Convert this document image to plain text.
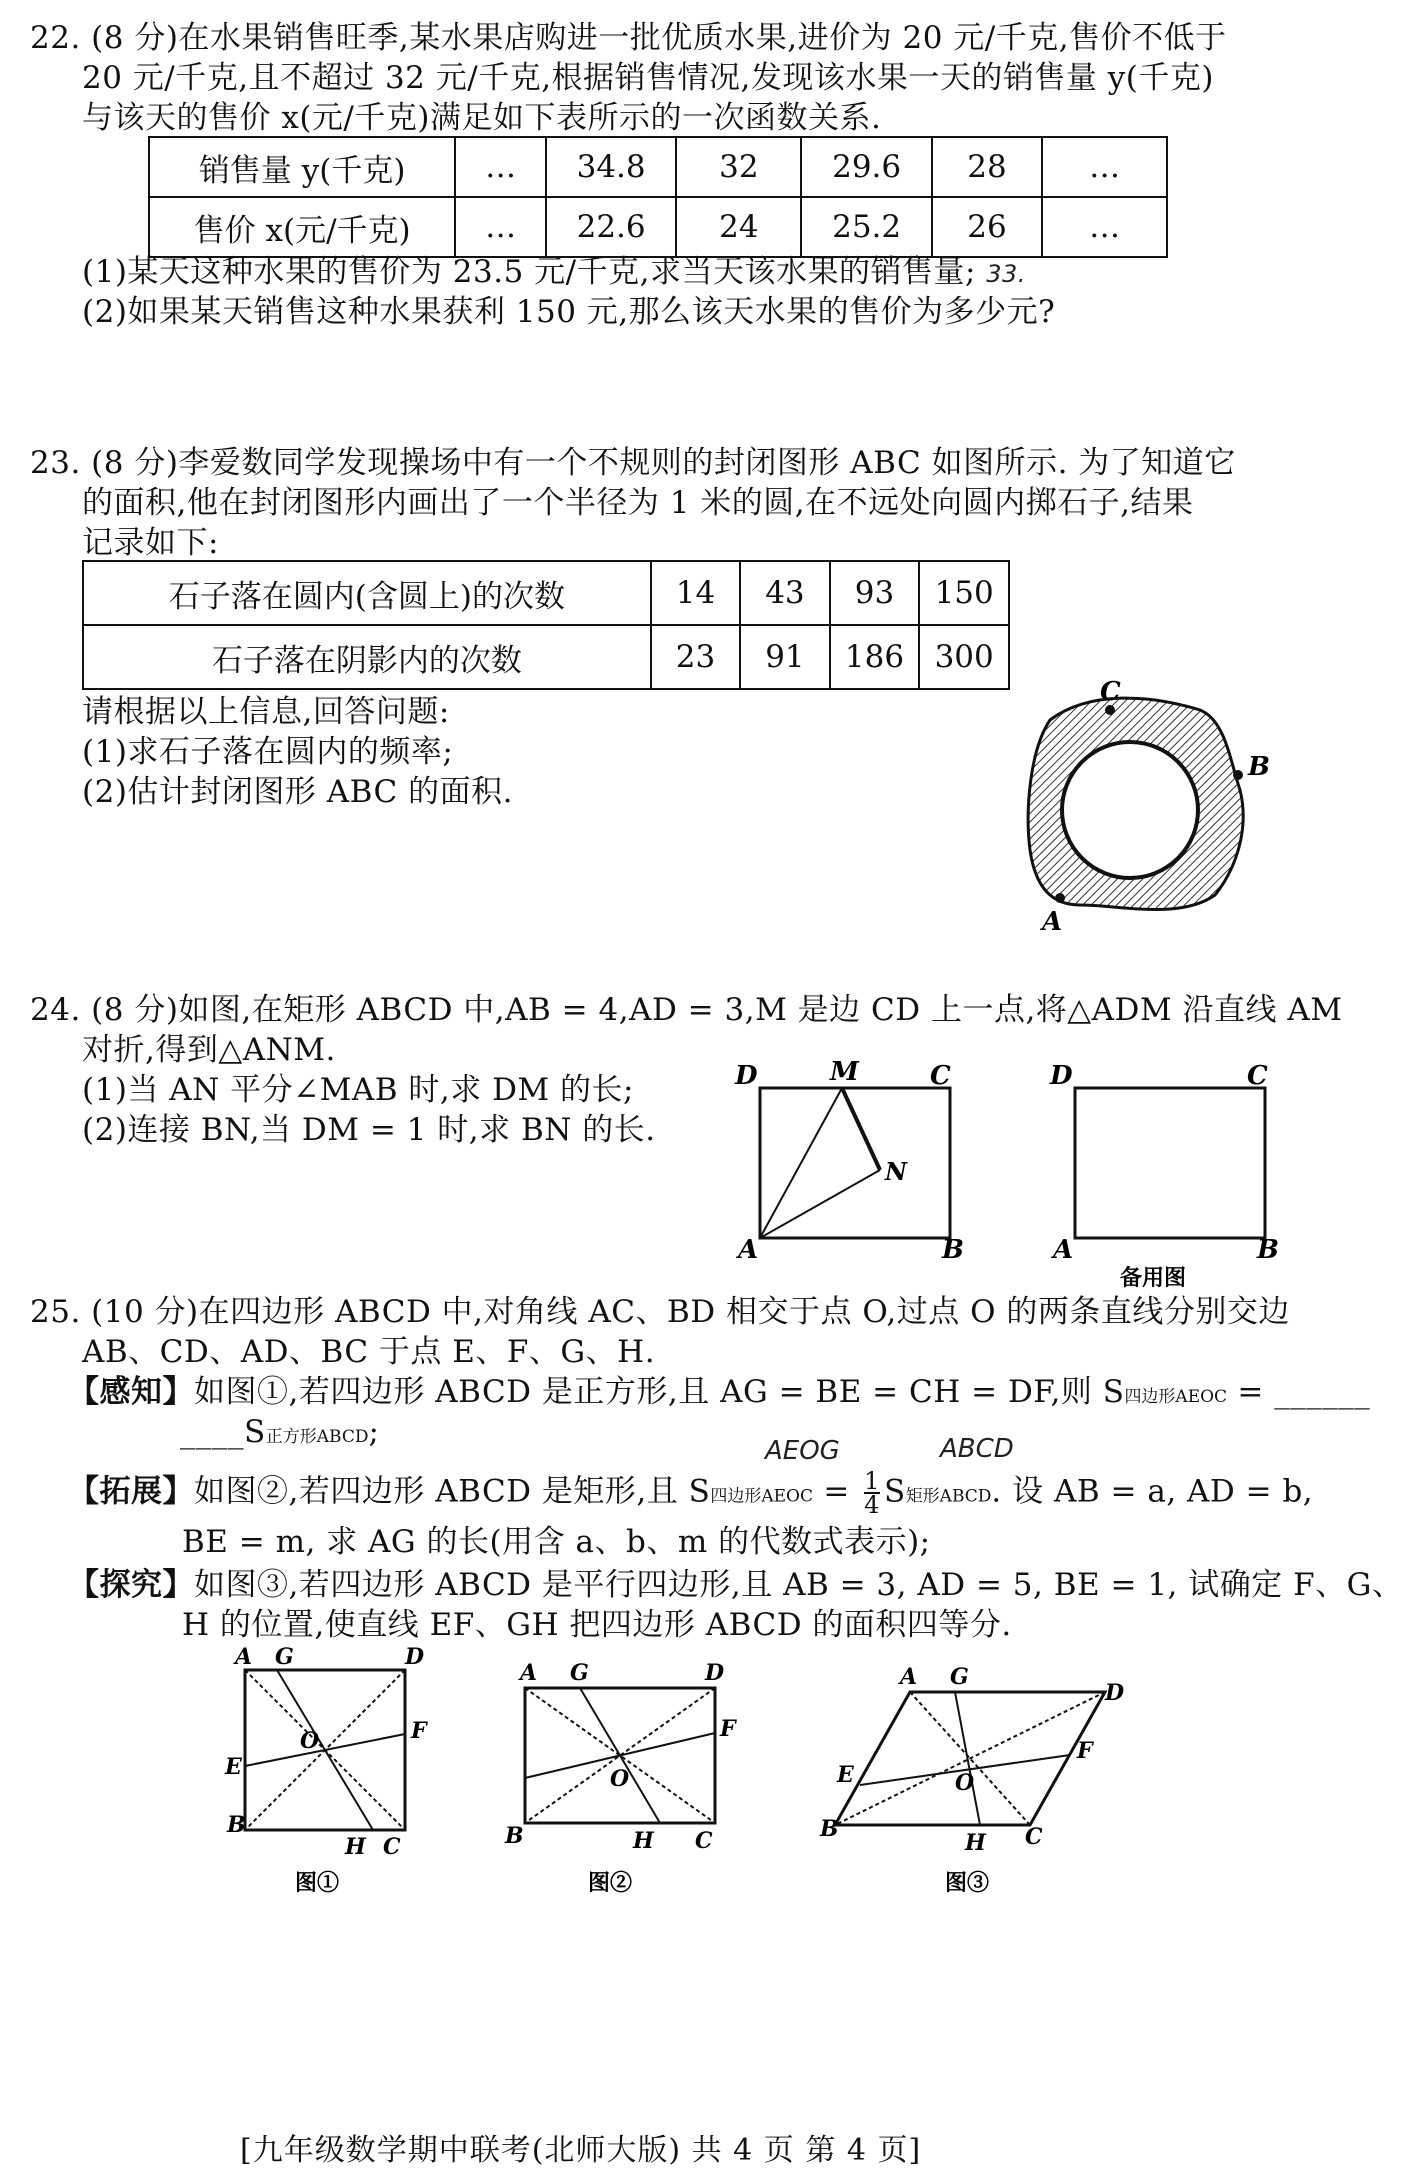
22. (8 分)在水果销售旺季,某水果店购进一批优质水果,进价为 20 元/千克,售价不低于
20 元/千克,且不超过 32 元/千克,根据销售情况,发现该水果一天的销售量 y(千克)
与该天的售价 x(元/千克)满足如下表所示的一次函数关系.
销售量 y(千克)	…	34.8	32	29.6	28	…
售价 x(元/千克)	…	22.6	24	25.2	26	…
(1)某天这种水果的售价为 23.5 元/千克,求当天该水果的销售量; 33.
(2)如果某天销售这种水果获利 150 元,那么该天水果的售价为多少元?
23. (8 分)李爱数同学发现操场中有一个不规则的封闭图形 ABC 如图所示. 为了知道它
的面积,他在封闭图形内画出了一个半径为 1 米的圆,在不远处向圆内掷石子,结果
记录如下:
石子落在圆内(含圆上)的次数	14	43	93	150
石子落在阴影内的次数	23	91	186	300
请根据以上信息,回答问题:
(1)求石子落在圆内的频率;
(2)估计封闭图形 ABC 的面积.
C
B
A
24. (8 分)如图,在矩形 ABCD 中,AB = 4,AD = 3,M 是边 CD 上一点,将△ADM 沿直线 AM
对折,得到△ANM.
(1)当 AN 平分∠MAB 时,求 DM 的长;
(2)连接 BN,当 DM = 1 时,求 BN 的长.
D	M	C
N
A	B
D	C
A	B
备用图
25. (10 分)在四边形 ABCD 中,对角线 AC、BD 相交于点 O,过点 O 的两条直线分别交边
AB、CD、AD、BC 于点 E、F、G、H.
【感知】如图①,若四边形 ABCD 是正方形,且 AG = BE = CH = DF,则 S四边形AEOC = ______
____S正方形ABCD;
AEOG	ABCD
【拓展】如图②,若四边形 ABCD 是矩形,且 S四边形AEOC = $\frac{1}{4}$ S矩形ABCD. 设 AB = a, AD = b,
BE = m, 求 AG 的长(用含 a、b、m 的代数式表示);
【探究】如图③,若四边形 ABCD 是平行四边形,且 AB = 3, AD = 5, BE = 1, 试确定 F、G、
H 的位置,使直线 EF、GH 把四边形 ABCD 的面积四等分.
A G	D
O	F
E
B
H C
图①
A G	D
O
F
B	H C
图②
A G
D
O
F
E
B
H C
图③
[九年级数学期中联考(北师大版) 共 4 页 第 4 页]
